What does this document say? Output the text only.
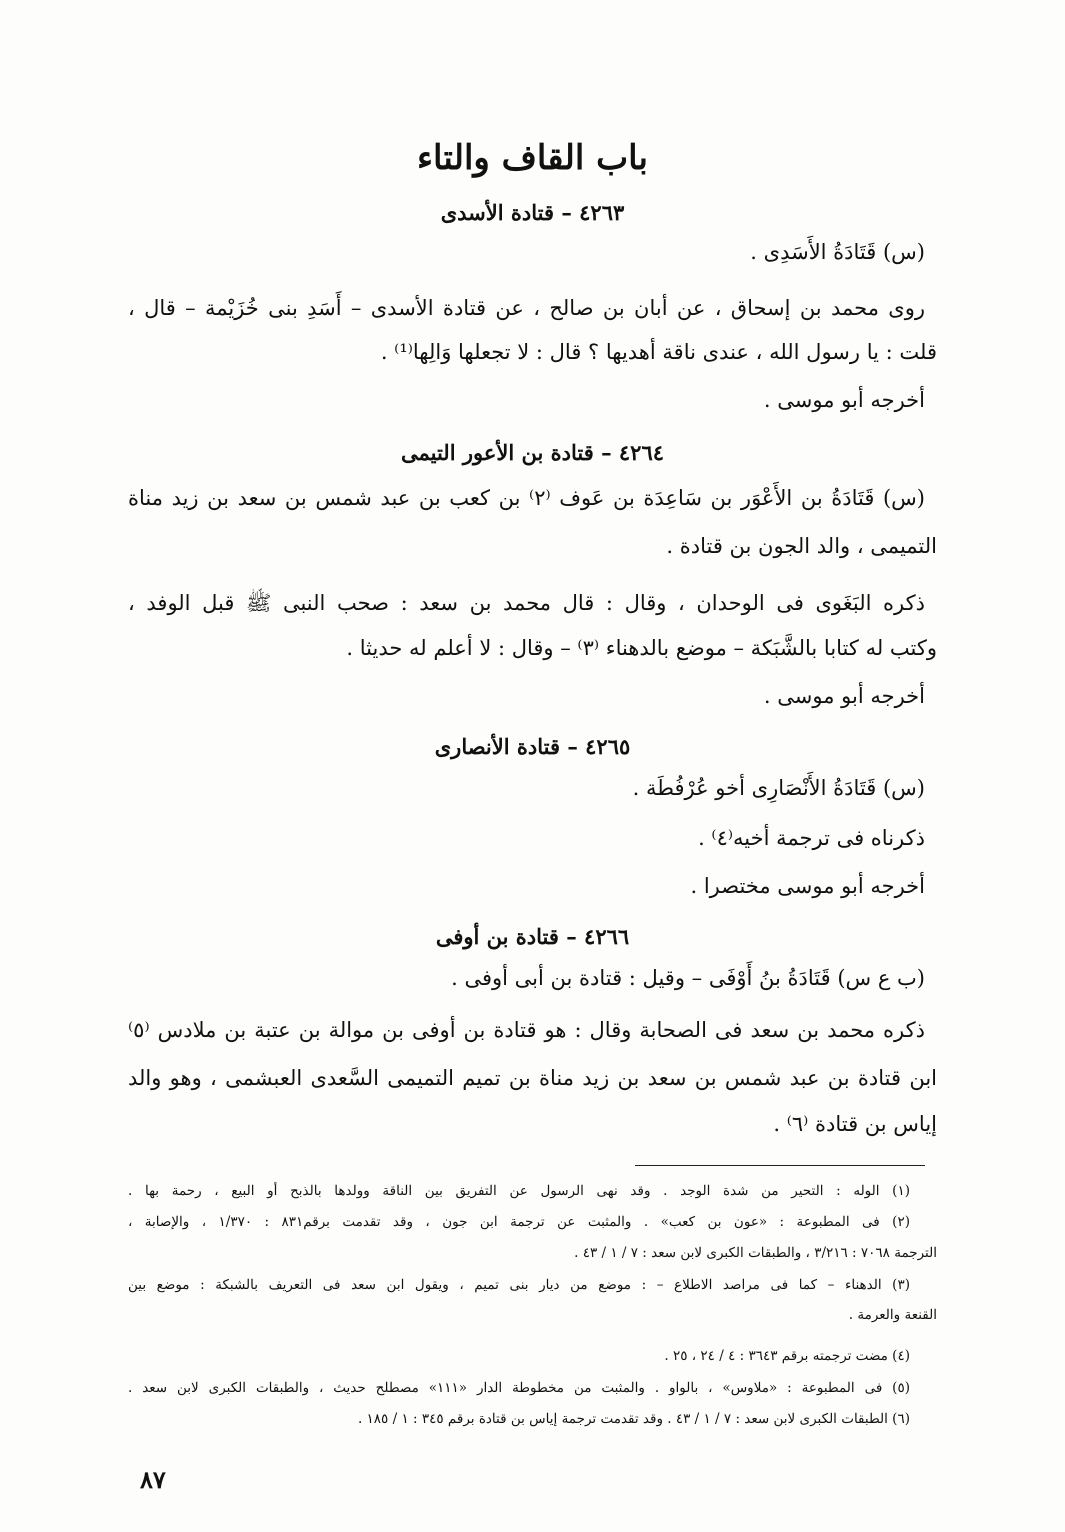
باب القاف والتاء
٤٢٦٣ – قتادة الأسدى
(س) قَتَادَةُ الأَسَدِى .
روى محمد بن إسحاق ، عن أبان بن صالح ، عن قتادة الأسدى – أَسَدِ بنى خُزَيْمة – قال ،
قلت : يا رسول الله ، عندى ناقة أهديها ؟ قال : لا تجعلها وَالِها⁽¹⁾ .
أخرجه أبو موسى .
٤٢٦٤ – قتادة بن الأعور التيمى
(س) قَتَادَةُ بن الأَعْوَر بن سَاعِدَة بن عَوف ⁽٢⁾ بن كعب بن عبد شمس بن سعد بن زيد مناة
التميمى ، والد الجون بن قتادة .
ذكره البَغَوى فى الوحدان ، وقال : قال محمد بن سعد : صحب النبى ﷺ قبل الوفد ،
وكتب له كتابا بالشَّبَكة – موضع بالدهناء ⁽٣⁾ – وقال : لا أعلم له حديثا .
أخرجه أبو موسى .
٤٢٦٥ – قتادة الأنصارى
(س) قَتَادَةُ الأَنْصَارِى أخو عُرْفُطَة .
ذكرناه فى ترجمة أخيه⁽٤⁾ .
أخرجه أبو موسى مختصرا .
٤٢٦٦ – قتادة بن أوفى
(ب ع س) قَتَادَةُ بنُ أَوْفَى – وقيل : قتادة بن أبى أوفى .
ذكره محمد بن سعد فى الصحابة وقال : هو قتادة بن أوفى بن موالة بن عتبة بن ملادس ⁽٥⁾
ابن قتادة بن عبد شمس بن سعد بن زيد مناة بن تميم التميمى السَّعدى العبشمى ، وهو والد
إياس بن قتادة ⁽٦⁾ .
(١) الوله : التحير من شدة الوجد . وقد نهى الرسول عن التفريق بين الناقة وولدها بالذبح أو البيع ، رحمة بها .
(٢) فى المطبوعة : «عون بن كعب» . والمثبت عن ترجمة ابن جون ، وقد تقدمت برقم٨٣١ : ١/٣٧٠ ، والإصابة ،
الترجمة ٧٠٦٨ : ٣/٢١٦ ، والطبقات الكبرى لابن سعد : ٧ / ١ / ٤٣ .
(٣) الدهناء – كما فى مراصد الاطلاع – : موضع من ديار بنى تميم ، ويقول ابن سعد فى التعريف بالشبكة : موضع بين
القنعة والعرمة .
(٤) مضت ترجمته برقم ٣٦٤٣ : ٤ / ٢٤ ، ٢٥ .
(٥) فى المطبوعة : «ملاوس» ، بالواو . والمثبت من مخطوطة الدار «١١١» مصطلح حديث ، والطبقات الكبرى لابن سعد .
(٦) الطبقات الكبرى لابن سعد : ٧ / ١ / ٤٣ . وقد تقدمت ترجمة إياس بن قتادة برقم ٣٤٥ : ١ / ١٨٥ .
٨٧
